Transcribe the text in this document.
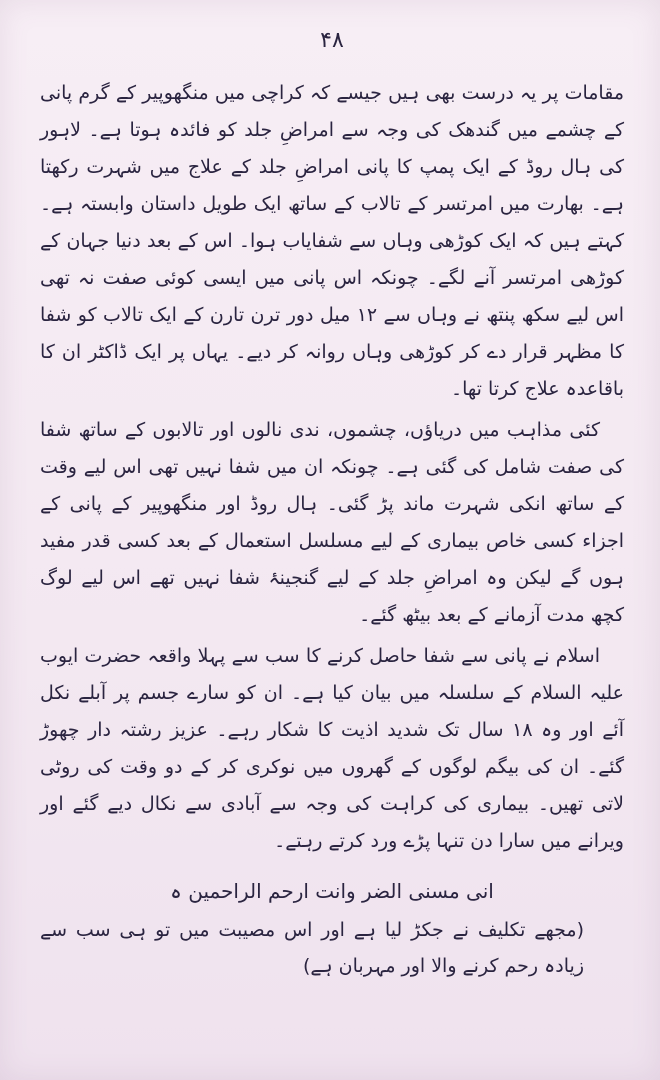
۴۸

مقامات پر یہ درست بھی ہیں جیسے کہ کراچی میں منگھوپیر کے گرم پانی کے چشمے میں گندھک کی وجہ سے امراضِ جلد کو فائدہ ہوتا ہے۔ لاہور کی ہال روڈ کے ایک پمپ کا پانی امراضِ جلد کے علاج میں شہرت رکھتا ہے۔ بھارت میں امرتسر کے تالاب کے ساتھ ایک طویل داستان وابستہ ہے۔ کہتے ہیں کہ ایک کوڑھی وہاں سے شفایاب ہوا۔ اس کے بعد دنیا جہان کے کوڑھی امرتسر آنے لگے۔ چونکہ اس پانی میں ایسی کوئی صفت نہ تھی اس لیے سکھ پنتھ نے وہاں سے ۱۲ میل دور ترن تارن کے ایک تالاب کو شفا کا مظہر قرار دے کر کوڑھی وہاں روانہ کر دیے۔ یہاں پر ایک ڈاکٹر ان کا باقاعدہ علاج کرتا تھا۔

کئی مذاہب میں دریاؤں، چشموں، ندی نالوں اور تالابوں کے ساتھ شفا کی صفت شامل کی گئی ہے۔ چونکہ ان میں شفا نہیں تھی اس لیے وقت کے ساتھ انکی شہرت ماند پڑ گئی۔ ہال روڈ اور منگھوپیر کے پانی کے اجزاء کسی خاص بیماری کے لیے مسلسل استعمال کے بعد کسی قدر مفید ہوں گے لیکن وہ امراضِ جلد کے لیے گنجینۂ شفا نہیں تھے اس لیے لوگ کچھ مدت آزمانے کے بعد بیٹھ گئے۔

اسلام نے پانی سے شفا حاصل کرنے کا سب سے پہلا واقعہ حضرت ایوب علیہ السلام کے سلسلہ میں بیان کیا ہے۔ ان کو سارے جسم پر آبلے نکل آئے اور وہ ۱۸ سال تک شدید اذیت کا شکار رہے۔ عزیز رشتہ دار چھوڑ گئے۔ ان کی بیگم لوگوں کے گھروں میں نوکری کر کے دو وقت کی روٹی لاتی تھیں۔ بیماری کی کراہت کی وجہ سے آبادی سے نکال دیے گئے اور ویرانے میں سارا دن تنہا پڑے ورد کرتے رہتے۔

انی مسنی الضر وانت ارحم الراحمین ہ

(مجھے تکلیف نے جکڑ لیا ہے اور اس مصیبت میں تو ہی سب سے زیادہ رحم کرنے والا اور مہربان ہے)
